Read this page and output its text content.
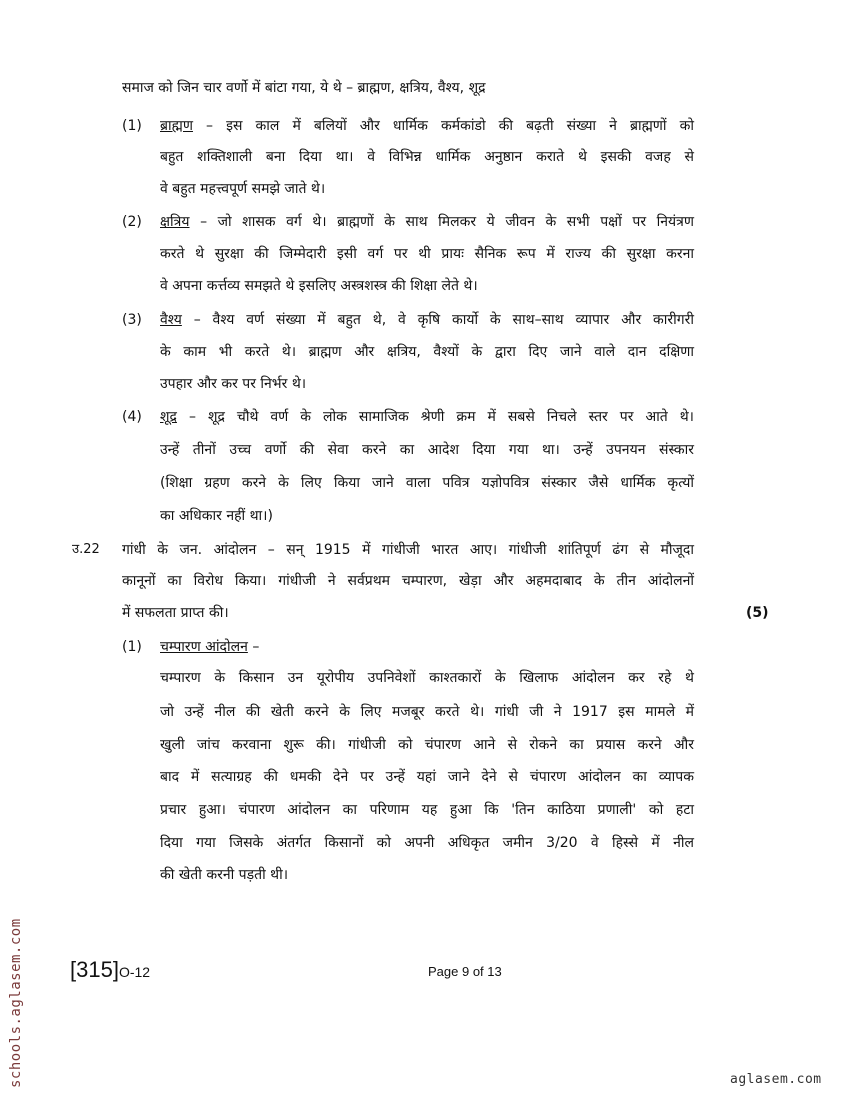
समाज को जिन चार वर्णो में बांटा गया, ये थे – ब्राह्मण, क्षत्रिय, वैश्य, शूद्र
(1) ब्राह्मण – इस काल में बलियों और धार्मिक कर्मकांडो की बढ़ती संख्या ने ब्राह्मणों को
बहुत शक्तिशाली बना दिया था। वे विभिन्न धार्मिक अनुष्ठान कराते थे इसकी वजह से
वे बहुत महत्त्वपूर्ण समझे जाते थे।
(2) क्षत्रिय – जो शासक वर्ग थे। ब्राह्मणों के साथ मिलकर ये जीवन के सभी पक्षों पर नियंत्रण
करते थे सुरक्षा की जिम्मेदारी इसी वर्ग पर थी प्रायः सैनिक रूप में राज्य की सुरक्षा करना
वे अपना कर्त्तव्य समझते थे इसलिए अस्त्रशस्त्र की शिक्षा लेते थे।
(3) वैश्य – वैश्य वर्ण संख्या में बहुत थे, वे कृषि कार्यो के साथ–साथ व्यापार और कारीगरी
के काम भी करते थे। ब्राह्मण और क्षत्रिय, वैश्यों के द्वारा दिए जाने वाले दान दक्षिणा
उपहार और कर पर निर्भर थे।
(4) शूद्र – शूद्र चौथे वर्ण के लोक सामाजिक श्रेणी क्रम में सबसे निचले स्तर पर आते थे।
उन्हें तीनों उच्च वर्णो की सेवा करने का आदेश दिया गया था। उन्हें उपनयन संस्कार
(शिक्षा ग्रहण करने के लिए किया जाने वाला पवित्र यज्ञोपवित्र संस्कार जैसे धार्मिक कृत्यों
का अधिकार नहीं था।)
उ.22 गांधी के जन. आंदोलन – सन् 1915 में गांधीजी भारत आए। गांधीजी शांतिपूर्ण ढंग से मौजूदा
कानूनों का विरोध किया। गांधीजी ने सर्वप्रथम चम्पारण, खेड़ा और अहमदाबाद के तीन आंदोलनों
में सफलता प्राप्त की।	(5)
(1) चम्पारण आंदोलन –
चम्पारण के किसान उन यूरोपीय उपनिवेशों काश्तकारों के खिलाफ आंदोलन कर रहे थे
जो उन्हें नील की खेती करने के लिए मजबूर करते थे। गांधी जी ने 1917 इस मामले में
खुली जांच करवाना शुरू की। गांधीजी को चंपारण आने से रोकने का प्रयास करने और
बाद में सत्याग्रह की धमकी देने पर उन्हें यहां जाने देने से चंपारण आंदोलन का व्यापक
प्रचार हुआ। चंपारण आंदोलन का परिणाम यह हुआ कि 'तिन काठिया प्रणाली' को हटा
दिया गया जिसके अंतर्गत किसानों को अपनी अधिकृत जमीन 3/20 वे हिस्से में नील
की खेती करनी पड़ती थी।
[315]O-12	Page 9 of 13
schools.aglasem.com	aglasem.com
